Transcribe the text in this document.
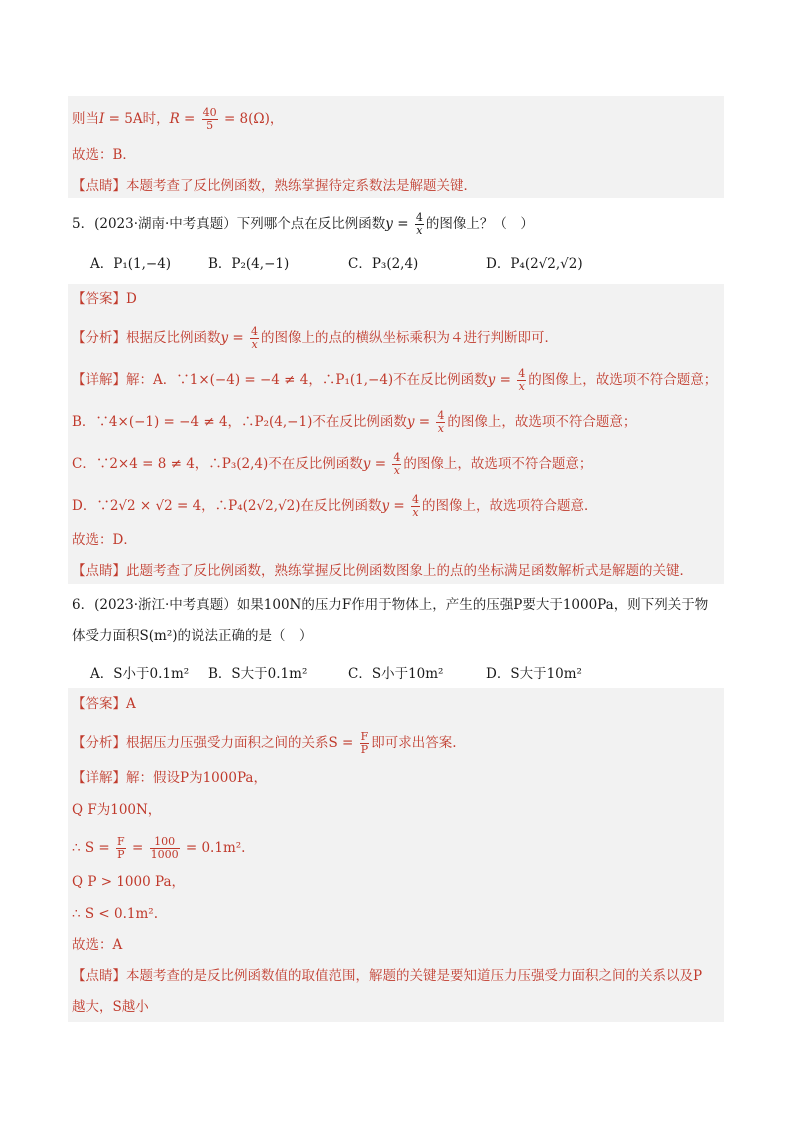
则当I = 5A时，$R = \frac{40}{5} = 8(\Omega)$，
故选：B．
【点睛】本题考查了反比例函数，熟练掌握待定系数法是解题关键．
5．(2023·湖南·中考真题）下列哪个点在反比例函数$y = \frac{4}{x}$ 的图像上？（　）
A．P₁(1,−4)	B．P₂(4,−1)	C．P₃(2,4)	D．P₄(2√2,√2)
【答案】D
【分析】根据反比例函数$y = \frac{4}{x}$ 的图像上的点的横纵坐标乘积为４进行判断即可．
【详解】解：A．∵1×(−4) = −4 ≠ 4，∴P₁(1,−4)不在反比例函数$y = \frac{4}{x}$ 的图像上，故选项不符合题意；
B．∵4×(−1) = −4 ≠ 4，∴P₂(4,−1)不在反比例函数$y = \frac{4}{x}$ 的图像上，故选项不符合题意；
C．∵2×4 = 8 ≠ 4，∴P₃(2,4)不在反比例函数$y = \frac{4}{x}$ 的图像上，故选项不符合题意；
D．∵2√2 × √2 = 4，∴P₄(2√2,√2)在反比例函数$y = \frac{4}{x}$ 的图像上，故选项符合题意．
故选：D．
【点睛】此题考查了反比例函数，熟练掌握反比例函数图象上的点的坐标满足函数解析式是解题的关键．
6．(2023·浙江·中考真题）如果100N的压力F作用于物体上，产生的压强P要大于1000Pa，则下列关于物
体受力面积S(m²)的说法正确的是（　）
A．S小于0.1m² B．S大于0.1m²	C．S小于10m²	D．S大于10m²
【答案】A
【分析】根据压力压强受力面积之间的关系$S = \frac{F}{P}$ 即可求出答案.
【详解】解：假设P为1000Pa，
Q F为100N，
∴ $S = \frac{F}{P} = \frac{100}{1000} = 0.1m^2$.
Q P > 1000 Pa，
∴ S < 0.1m².
故选：A
【点睛】本题考查的是反比例函数值的取值范围，解题的关键是要知道压力压强受力面积之间的关系以及P
越大，S越小
